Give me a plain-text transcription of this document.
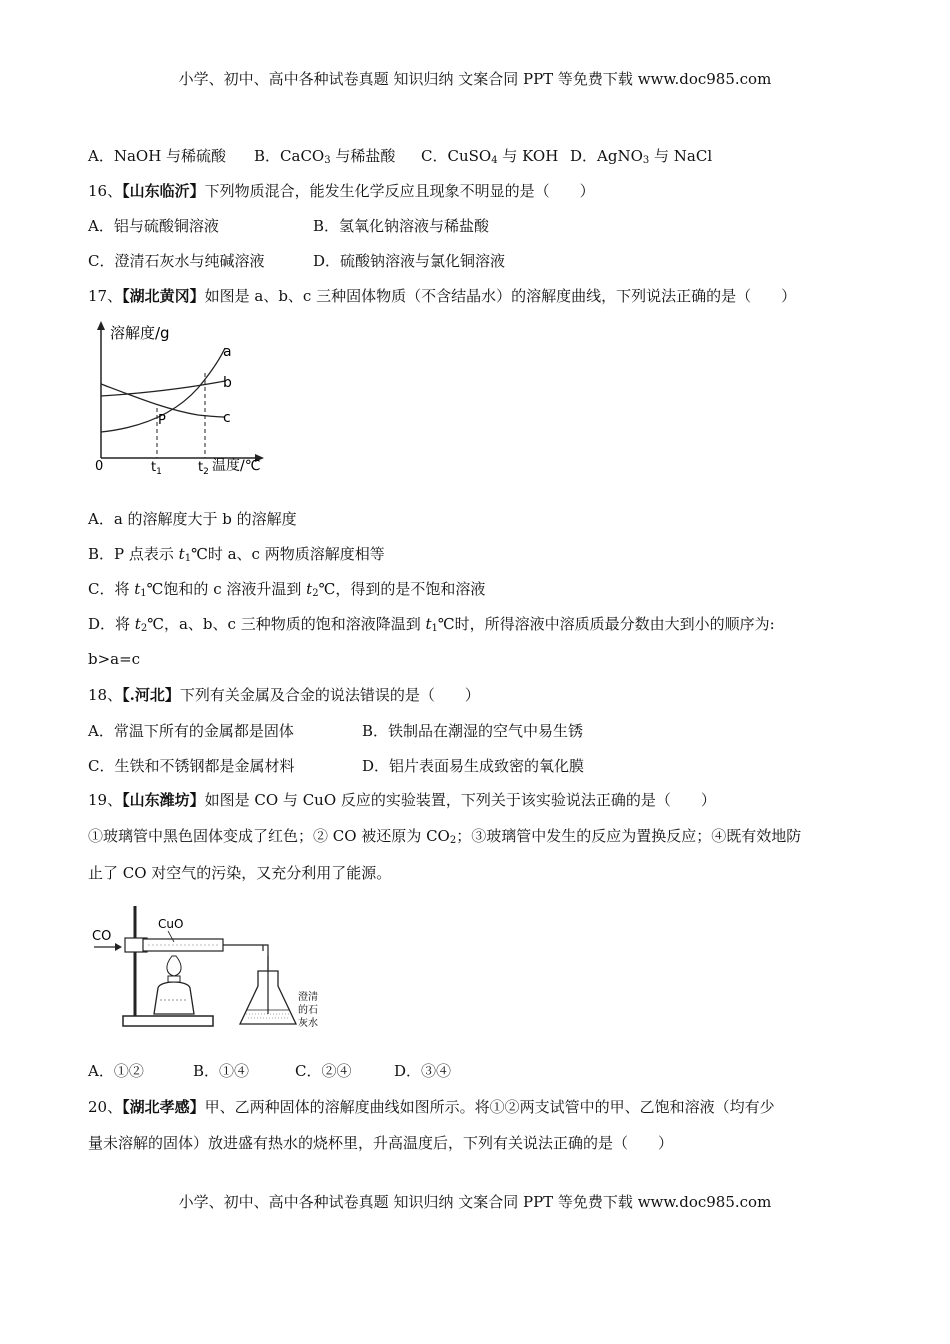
小学、初中、高中各种试卷真题 知识归纳 文案合同 PPT 等免费下载 www.doc985.com
A．NaOH 与稀硫酸 B．CaCO$_3$ 与稀盐酸 C．CuSO$_4$ 与 KOH D．AgNO$_3$ 与 NaCl
16、【山东临沂】下列物质混合，能发生化学反应且现象不明显的是（　　）
A．铝与硫酸铜溶液	B．氢氧化钠溶液与稀盐酸
C．澄清石灰水与纯碱溶液	D．硫酸钠溶液与氯化铜溶液
17、【湖北黄冈】如图是 a、b、c 三种固体物质（不含结晶水）的溶解度曲线，下列说法正确的是（　　）
溶解度/g
a
b
c
P
0	$t_1$	$t_2$ 温度/℃
A．a 的溶解度大于 b 的溶解度
B．P 点表示 $t_1℃$时 a、c 两物质溶解度相等
C．将 $t_1℃$饱和的 c 溶液升温到 $t_2℃$，得到的是不饱和溶液
D．将 $t_2℃$，a、b、c 三种物质的饱和溶液降温到 $t_1℃$时，所得溶液中溶质质最分数由大到小的顺序为:
b>a=c
18、【.河北】下列有关金属及合金的说法错误的是（　　）
A．常温下所有的金属都是固体	B．铁制品在潮湿的空气中易生锈
C．生铁和不锈钢都是金属材料	D．铝片表面易生成致密的氧化膜
19、【山东潍坊】如图是 CO 与 CuO 反应的实验装置，下列关于该实验说法正确的是（　　）
①玻璃管中黑色固体变成了红色；② CO 被还原为 $CO_2$；③玻璃管中发生的反应为置换反应；④既有效地防
止了 CO 对空气的污染，又充分利用了能源。
CO
CuO
澄清
的石
灰水
A．①②	B．①④	C．②④	D．③④
20、【湖北孝感】甲、乙两种固体的溶解度曲线如图所示。将①②两支试管中的甲、乙饱和溶液（均有少
量未溶解的固体）放进盛有热水的烧杯里，升高温度后，下列有关说法正确的是（　　）
小学、初中、高中各种试卷真题 知识归纳 文案合同 PPT 等免费下载 www.doc985.com
